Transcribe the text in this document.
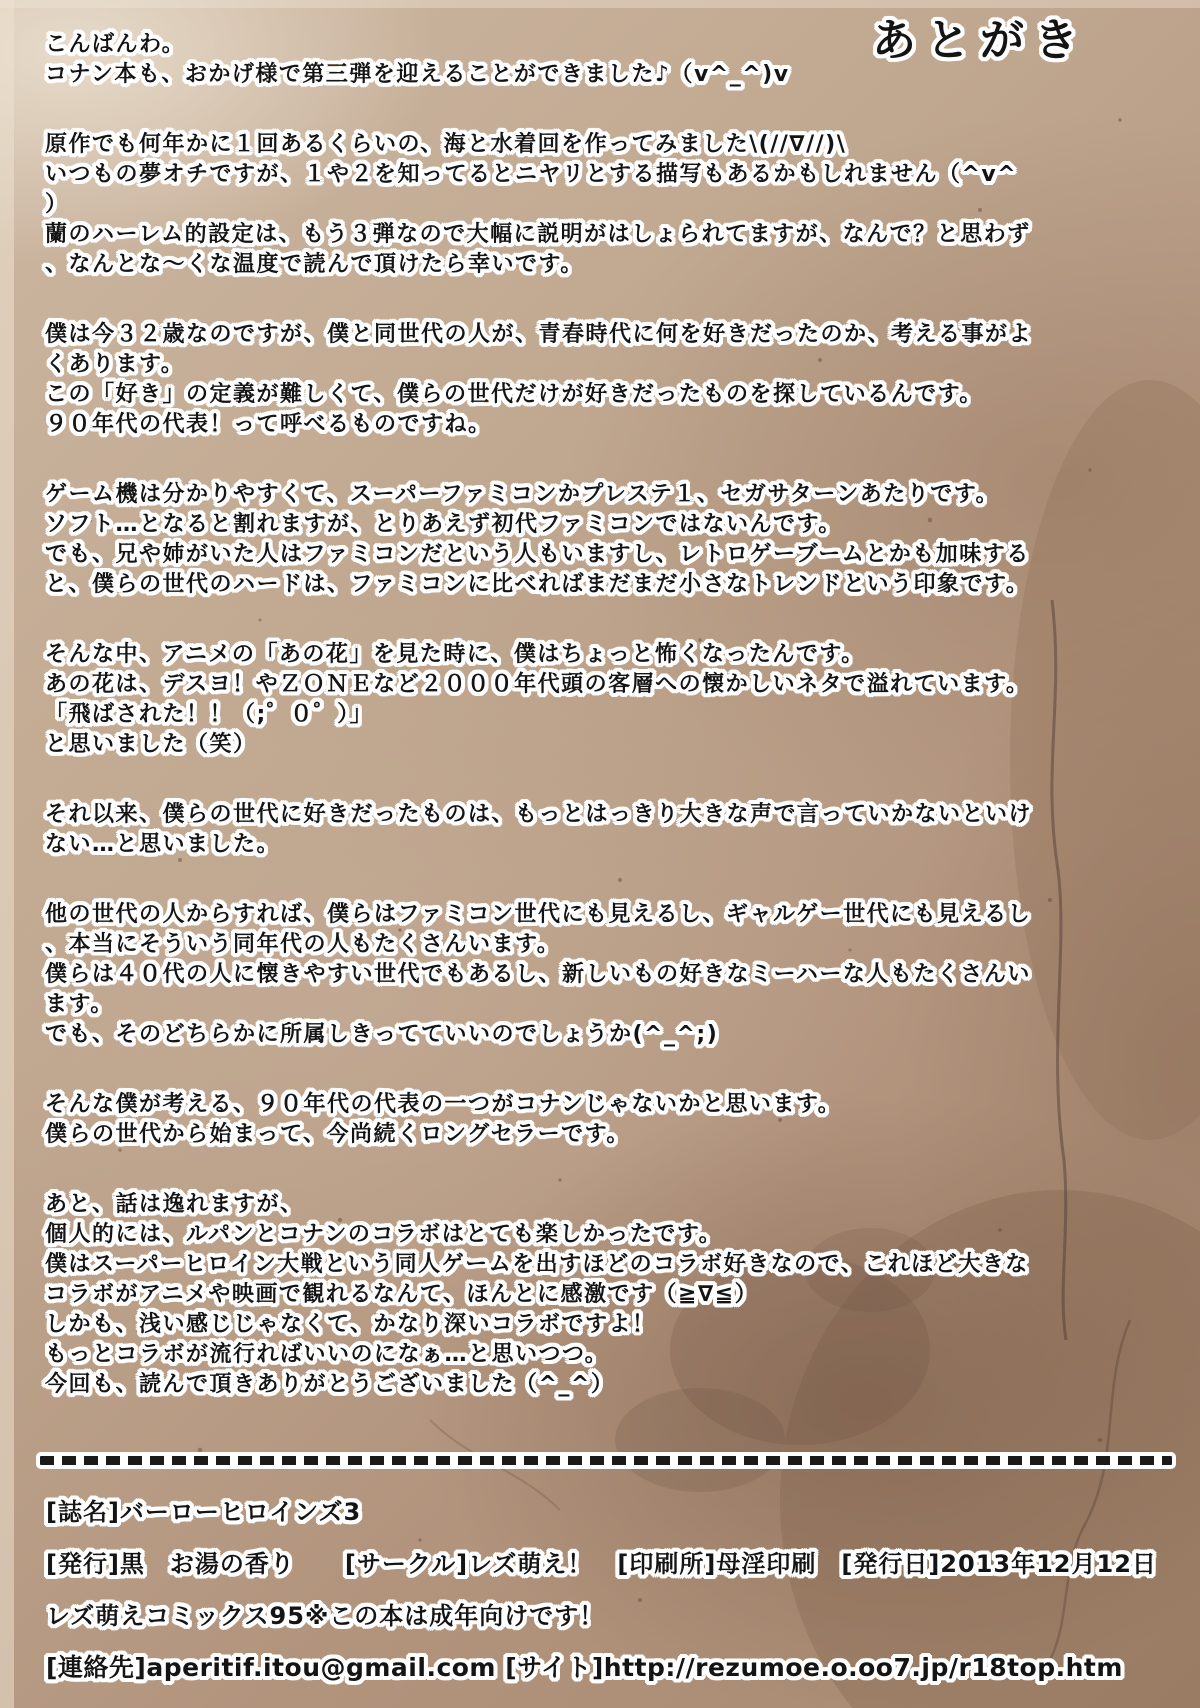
あとがき
こんばんわ。
コナン本も、おかげ様で第三弾を迎えることができました♪（v^_^)v
原作でも何年かに１回あるくらいの、海と水着回を作ってみました\(//∇//)\
いつもの夢オチですが、１や２を知ってるとニヤリとする描写もあるかもしれません（^v^
）
蘭のハーレム的設定は、もう３弾なので大幅に説明がはしょられてますが、なんで？と思わず
、なんとな〜くな温度で読んで頂けたら幸いです。
僕は今３２歳なのですが、僕と同世代の人が、青春時代に何を好きだったのか、考える事がよ
くあります。
この「好き」の定義が難しくて、僕らの世代だけが好きだったものを探しているんです。
９０年代の代表！って呼べるものですね。
ゲーム機は分かりやすくて、スーパーファミコンかプレステ１、セガサターンあたりです。
ソフト…となると割れますが、とりあえず初代ファミコンではないんです。
でも、兄や姉がいた人はファミコンだという人もいますし、レトロゲーブームとかも加味する
と、僕らの世代のハードは、ファミコンに比べればまだまだ小さなトレンドという印象です。
そんな中、アニメの「あの花」を見た時に、僕はちょっと怖くなったんです。
あの花は、デスヨ！やＺＯＮＥなど２０００年代頭の客層への懐かしいネタで溢れています。
「飛ばされた！！（;゜０゜）」
と思いました（笑）
それ以来、僕らの世代に好きだったものは、もっとはっきり大きな声で言っていかないといけ
ない…と思いました。
他の世代の人からすれば、僕らはファミコン世代にも見えるし、ギャルゲー世代にも見えるし
、本当にそういう同年代の人もたくさんいます。
僕らは４０代の人に懐きやすい世代でもあるし、新しいもの好きなミーハーな人もたくさんい
ます。
でも、そのどちらかに所属しきってていいのでしょうか(^_^;)
そんな僕が考える、９０年代の代表の一つがコナンじゃないかと思います。
僕らの世代から始まって、今尚続くロングセラーです。
あと、話は逸れますが、
個人的には、ルパンとコナンのコラボはとても楽しかったです。
僕はスーパーヒロイン大戦という同人ゲームを出すほどのコラボ好きなので、これほど大きな
コラボがアニメや映画で観れるなんて、ほんとに感激です（≧∇≦）
しかも、浅い感じじゃなくて、かなり深いコラボですよ！
もっとコラボが流行ればいいのになぁ…と思いつつ。
今回も、読んで頂きありがとうございました（^_^）
[誌名]バーローヒロインズ3
[発行]黒　お湯の香り　　[サークル]レズ萌え！　[印刷所]母淫印刷　[発行日]2013年12月12日
レズ萌えコミックス95※この本は成年向けです！
[連絡先]aperitif.itou@gmail.com [サイト]http://rezumoe.o.oo7.jp/r18top.htm
